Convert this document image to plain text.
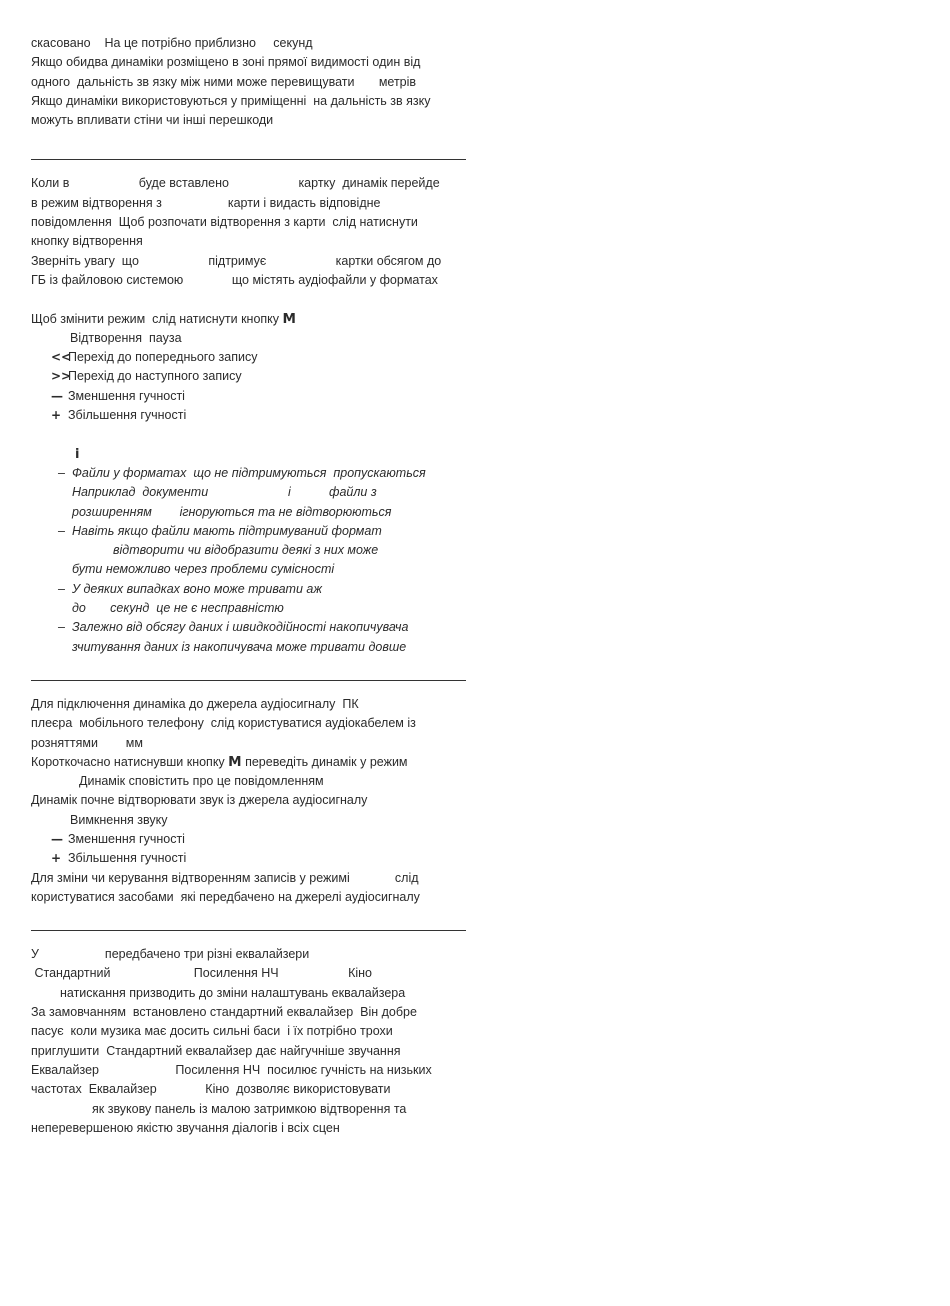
скасовано    На це потрібно приблизно     секунд
Якщо обидва динаміки розміщено в зоні прямої видимості один від
одного  дальність зв язку між ними може перевищувати       метрів
Якщо динаміки використовуються у приміщенні  на дальність зв язку
можуть впливати стіни чи інші перешкоди
Коли в                    буде вставлено                    картку  динамік перейде
в режим відтворення з                   карти і видасть відповідне
повідомлення  Щоб розпочати відтворення з карти  слід натиснути
кнопку відтворення
Зверніть увагу  що                    підтримує                    картки обсягом до
ГБ із файловою системою              що містять аудіофайли у форматах
Щоб змінити режим  слід натиснути кнопку M
Відтворення  пауза
<<Перехід до попереднього запису
>>Перехід до наступного запису
— Зменшення гучності
+ Збільшення гучності
i
– Файли у форматах  що не підтримуються  пропускаються
Наприклад  документи                       і           файли з
розширенням        ігноруються та не відтворюються
– Навіть якщо файли мають підтримуваний формат
відтворити чи відобразити деякі з них може
бути неможливо через проблеми сумісності
– У деяких випадках воно може тривати аж
до       секунд  це не є несправністю
– Залежно від обсягу даних і швидкодійності накопичувача
зчитування даних із накопичувача може тривати довше
Для підключення динаміка до джерела аудіосигналу  ПК
плеєра  мобільного телефону  слід користуватися аудіокабелем із
розняттями        мм
Короткочасно натиснувши кнопку M переведіть динамік у режим
Динамік сповістить про це повідомленням
Динамік почне відтворювати звук із джерела аудіосигналу
Вимкнення звуку
— Зменшення гучності
+ Збільшення гучності
Для зміни чи керування відтворенням записів у режимі             слід
користуватися засобами  які передбачено на джерелі аудіосигналу
У                   передбачено три різні еквалайзери
Стандартний                        Посилення НЧ                    Кіно
натискання призводить до зміни налаштувань еквалайзера
За замовчанням  встановлено стандартний еквалайзер  Він добре
пасує  коли музика має досить сильні баси  і їх потрібно трохи
приглушити  Стандартний еквалайзер дає найгучніше звучання
Еквалайзер                      Посилення НЧ  посилює гучність на низьких
частотах  Еквалайзер              Кіно  дозволяє використовувати
як звукову панель із малою затримкою відтворення та
неперевершеною якістю звучання діалогів і всіх сцен
